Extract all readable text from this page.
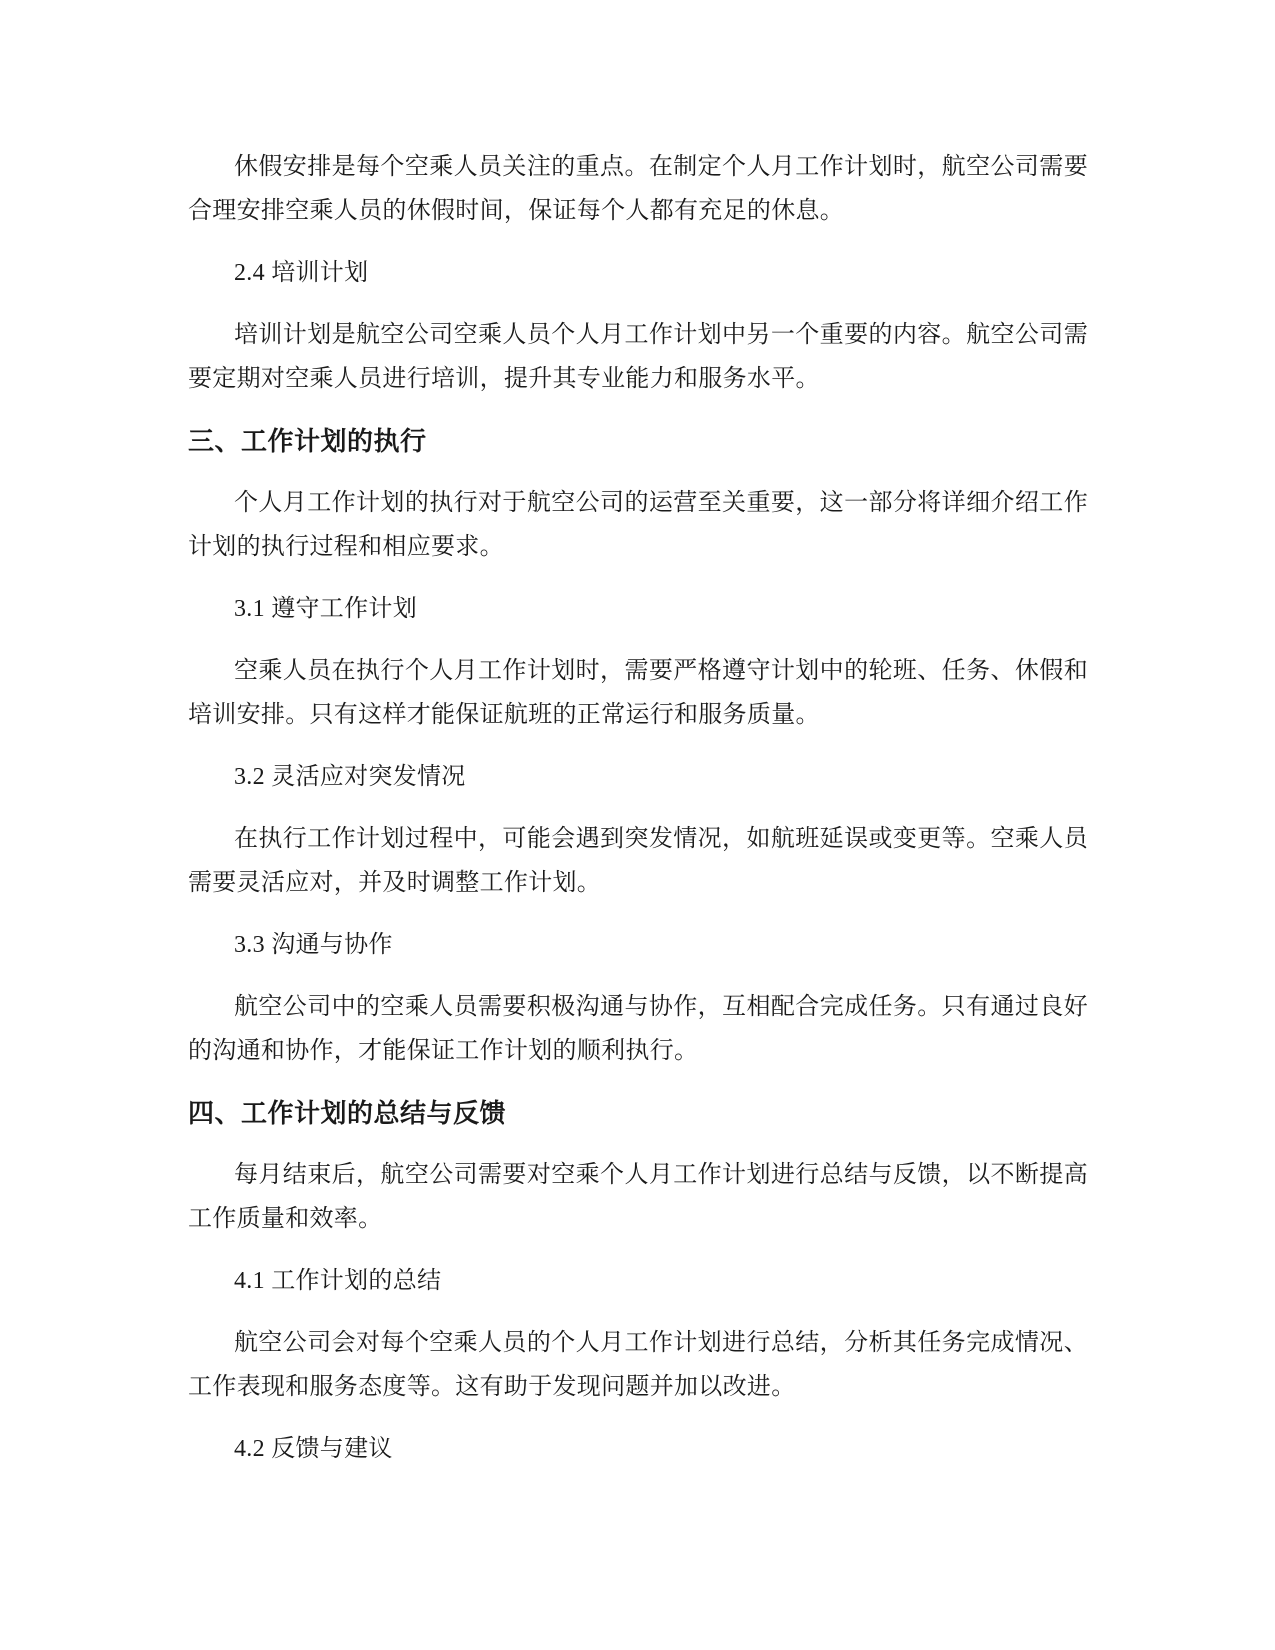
休假安排是每个空乘人员关注的重点。在制定个人月工作计划时，航空公司需要合理安排空乘人员的休假时间，保证每个人都有充足的休息。

2.4 培训计划

培训计划是航空公司空乘人员个人月工作计划中另一个重要的内容。航空公司需要定期对空乘人员进行培训，提升其专业能力和服务水平。

三、工作计划的执行

个人月工作计划的执行对于航空公司的运营至关重要，这一部分将详细介绍工作计划的执行过程和相应要求。

3.1 遵守工作计划

空乘人员在执行个人月工作计划时，需要严格遵守计划中的轮班、任务、休假和培训安排。只有这样才能保证航班的正常运行和服务质量。

3.2 灵活应对突发情况

在执行工作计划过程中，可能会遇到突发情况，如航班延误或变更等。空乘人员需要灵活应对，并及时调整工作计划。

3.3 沟通与协作

航空公司中的空乘人员需要积极沟通与协作，互相配合完成任务。只有通过良好的沟通和协作，才能保证工作计划的顺利执行。

四、工作计划的总结与反馈

每月结束后，航空公司需要对空乘个人月工作计划进行总结与反馈，以不断提高工作质量和效率。

4.1 工作计划的总结

航空公司会对每个空乘人员的个人月工作计划进行总结，分析其任务完成情况、工作表现和服务态度等。这有助于发现问题并加以改进。

4.2 反馈与建议
